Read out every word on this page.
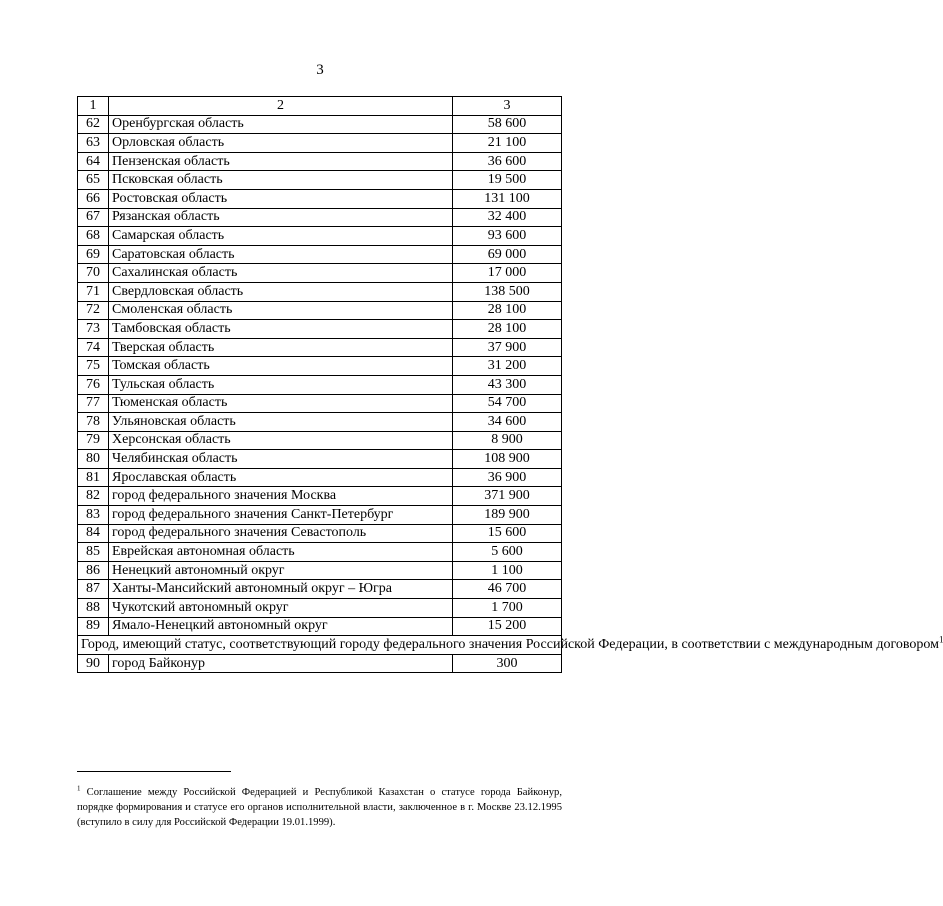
3
1	2	3
62	Оренбургская область	58 600
63	Орловская область	21 100
64	Пензенская область	36 600
65	Псковская область	19 500
66	Ростовская область	131 100
67	Рязанская область	32 400
68	Самарская область	93 600
69	Саратовская область	69 000
70	Сахалинская область	17 000
71	Свердловская область	138 500
72	Смоленская область	28 100
73	Тамбовская область	28 100
74	Тверская область	37 900
75	Томская область	31 200
76	Тульская область	43 300
77	Тюменская область	54 700
78	Ульяновская область	34 600
79	Херсонская область	8 900
80	Челябинская область	108 900
81	Ярославская область	36 900
82	город федерального значения Москва	371 900
83	город федерального значения Санкт-Петербург	189 900
84	город федерального значения Севастополь	15 600
85	Еврейская автономная область	5 600
86	Ненецкий автономный округ	1 100
87	Ханты-Мансийский автономный округ – Югра	46 700
88	Чукотский автономный округ	1 700
89	Ямало-Ненецкий автономный округ	15 200
Город, имеющий статус, соответствующий городу федерального значения Российской Федерации, в соответствии с международным договором$^1$
90	город Байконур	300
$^1$ Соглашение между Российской Федерацией и Республикой Казахстан о статусе города Байконур, порядке формирования и статусе его органов исполнительной власти, заключенное в г. Москве 23.12.1995 (вступило в силу для Российской Федерации 19.01.1999).
